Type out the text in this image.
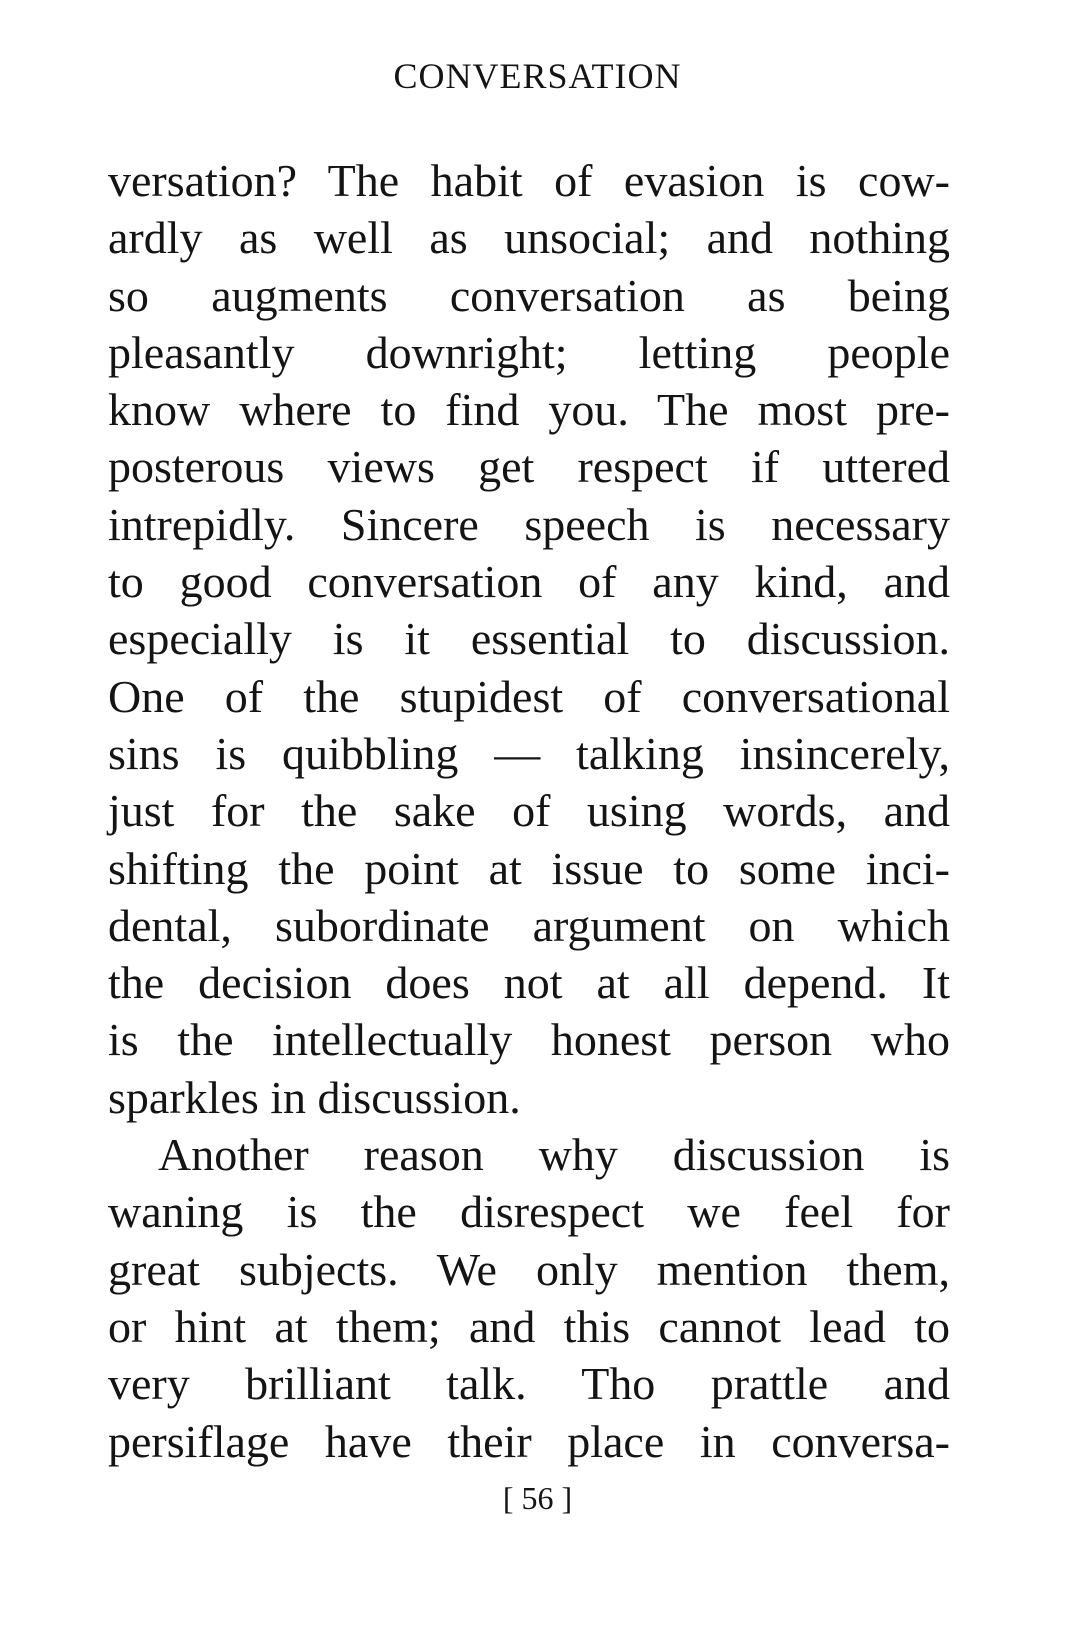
CONVERSATION
versation? The habit of evasion is cow-
ardly as well as unsocial; and nothing
so augments conversation as being
pleasantly downright; letting people
know where to find you. The most pre-
posterous views get respect if uttered
intrepidly. Sincere speech is necessary
to good conversation of any kind, and
especially is it essential to discussion.
One of the stupidest of conversational
sins is quibbling — talking insincerely,
just for the sake of using words, and
shifting the point at issue to some inci-
dental, subordinate argument on which
the decision does not at all depend. It
is the intellectually honest person who
sparkles in discussion.
Another reason why discussion is
waning is the disrespect we feel for
great subjects. We only mention them,
or hint at them; and this cannot lead to
very brilliant talk. Tho prattle and
persiflage have their place in conversa-
[ 56 ]
